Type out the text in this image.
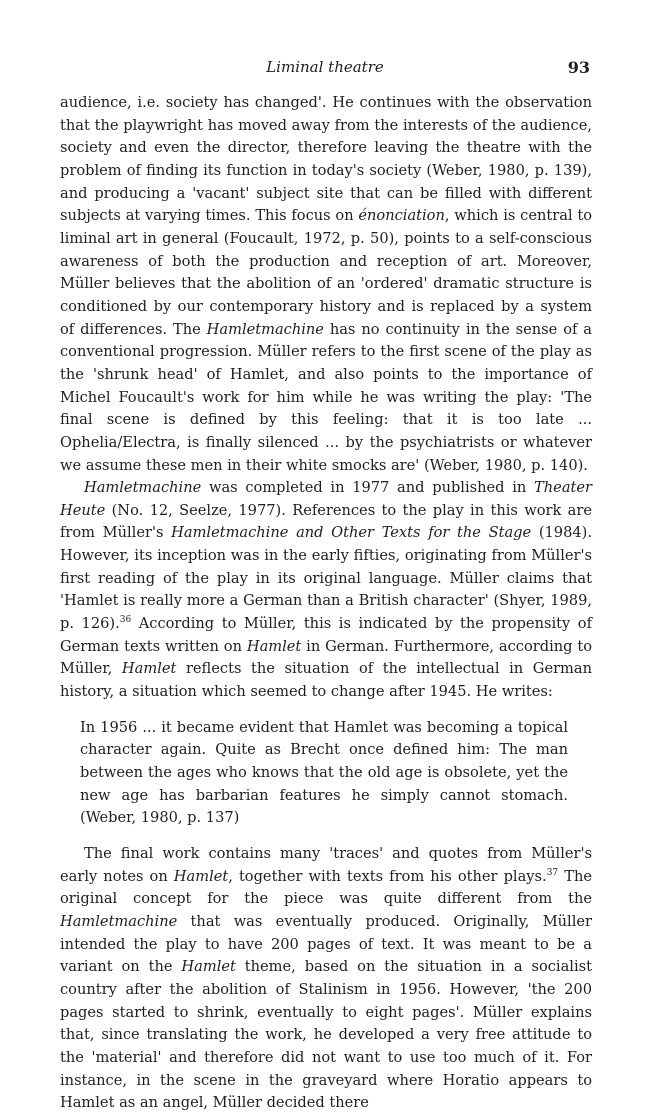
Liminal theatre	93

audience, i.e. society has changed'. He continues with the observation that the playwright has moved away from the interests of the audience, society and even the director, therefore leaving the theatre with the problem of finding its function in today's society (Weber, 1980, p. 139), and producing a 'vacant' subject site that can be filled with different subjects at varying times. This focus on énonciation, which is central to liminal art in general (Foucault, 1972, p. 50), points to a self-conscious awareness of both the production and reception of art. Moreover, Müller believes that the abolition of an 'ordered' dramatic structure is conditioned by our contemporary history and is replaced by a system of differences. The Hamletmachine has no continuity in the sense of a conventional progression. Müller refers to the first scene of the play as the 'shrunk head' of Hamlet, and also points to the importance of Michel Foucault's work for him while he was writing the play: 'The final scene is defined by this feeling: that it is too late ... Ophelia/Electra, is finally silenced ... by the psychiatrists or whatever we assume these men in their white smocks are' (Weber, 1980, p. 140).

Hamletmachine was completed in 1977 and published in Theater Heute (No. 12, Seelze, 1977). References to the play in this work are from Müller's Hamletmachine and Other Texts for the Stage (1984). However, its inception was in the early fifties, originating from Müller's first reading of the play in its original language. Müller claims that 'Hamlet is really more a German than a British character' (Shyer, 1989, p. 126).$^{36}$ According to Müller, this is indicated by the propensity of German texts written on Hamlet in German. Furthermore, according to Müller, Hamlet reflects the situation of the intellectual in German history, a situation which seemed to change after 1945. He writes:

In 1956 ... it became evident that Hamlet was becoming a topical character again. Quite as Brecht once defined him: The man between the ages who knows that the old age is obsolete, yet the new age has barbarian features he simply cannot stomach. (Weber, 1980, p. 137)

The final work contains many 'traces' and quotes from Müller's early notes on Hamlet, together with texts from his other plays.$^{37}$ The original concept for the piece was quite different from the Hamletmachine that was eventually produced. Originally, Müller intended the play to have 200 pages of text. It was meant to be a variant on the Hamlet theme, based on the situation in a socialist country after the abolition of Stalinism in 1956. However, 'the 200 pages started to shrink, eventually to eight pages'. Müller explains that, since translating the work, he developed a very free attitude to the 'material' and therefore did not want to use too much of it. For instance, in the scene in the graveyard where Horatio appears to Hamlet as an angel, Müller decided there
